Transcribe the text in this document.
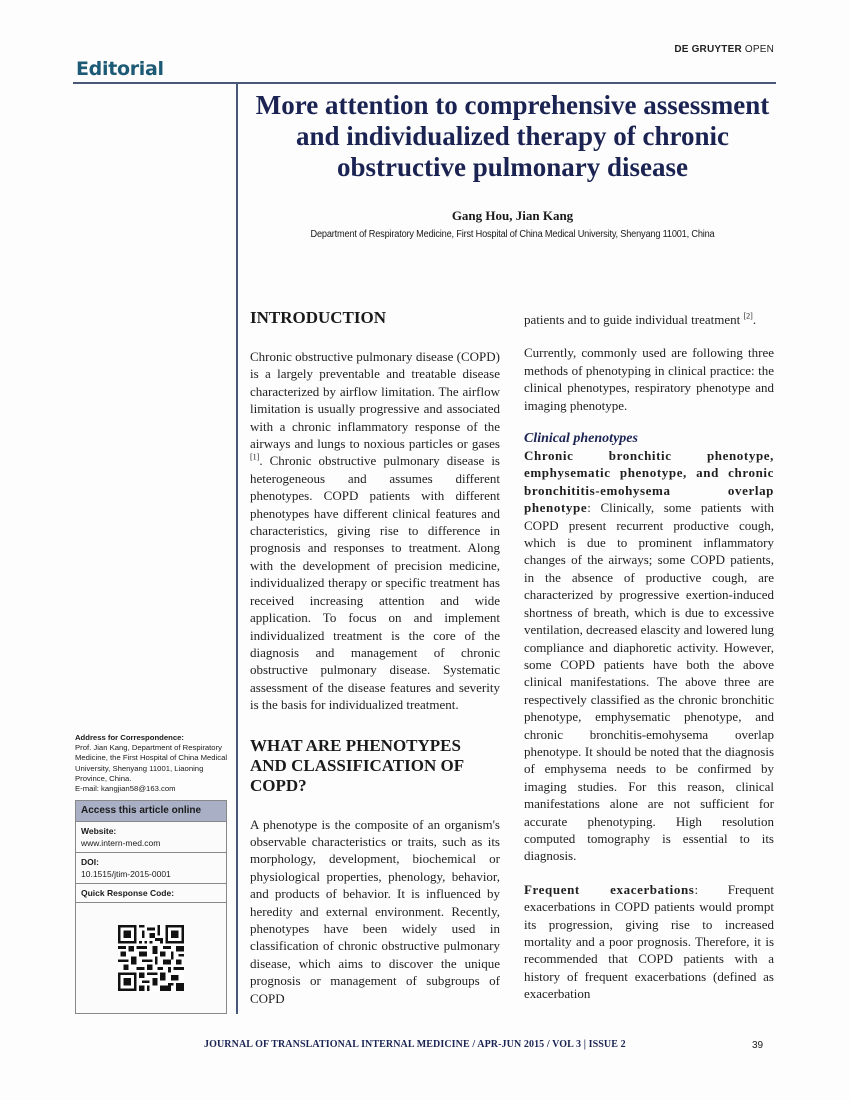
DE GRUYTER OPEN
Editorial
More attention to comprehensive assessment and individualized therapy of chronic obstructive pulmonary disease
Gang Hou, Jian Kang
Department of Respiratory Medicine, First Hospital of China Medical University, Shenyang 11001, China
Address for Correspondence:
Prof. Jian Kang, Department of Respiratory Medicine, the First Hospital of China Medical University, Shenyang 11001, Liaoning Province, China.
E-mail: kangjian58@163.com
Access this article online
Website:
www.intern-med.com
DOI:
10.1515/jtim-2015-0001
Quick Response Code:
INTRODUCTION

Chronic obstructive pulmonary disease (COPD) is a largely preventable and treatable disease characterized by airflow limitation. The airflow limitation is usually progressive and associated with a chronic inflammatory response of the airways and lungs to noxious particles or gases [1]. Chronic obstructive pulmonary disease is heterogeneous and assumes different phenotypes. COPD patients with different phenotypes have different clinical features and characteristics, giving rise to difference in prognosis and responses to treatment. Along with the development of precision medicine, individualized therapy or specific treatment has received increasing attention and wide application. To focus on and implement individualized treatment is the core of the diagnosis and management of chronic obstructive pulmonary disease. Systematic assessment of the disease features and severity is the basis for individualized treatment.

WHAT ARE PHENOTYPES AND CLASSIFICATION OF COPD?

A phenotype is the composite of an organism's observable characteristics or traits, such as its morphology, development, biochemical or physiological properties, phenology, behavior, and products of behavior. It is influenced by heredity and external environment. Recently, phenotypes have been widely used in classification of chronic obstructive pulmonary disease, which aims to discover the unique prognosis or management of subgroups of COPD

patients and to guide individual treatment [2].

Currently, commonly used are following three methods of phenotyping in clinical practice: the clinical phenotypes, respiratory phenotype and imaging phenotype.

Clinical phenotypes

Chronic bronchitic phenotype, emphysematic phenotype, and chronic bronchititis-emohysema overlap phenotype: Clinically, some patients with COPD present recurrent productive cough, which is due to prominent inflammatory changes of the airways; some COPD patients, in the absence of productive cough, are characterized by progressive exertion-induced shortness of breath, which is due to excessive ventilation, decreased elascity and lowered lung compliance and diaphoretic activity. However, some COPD patients have both the above clinical manifestations. The above three are respectively classified as the chronic bronchitic phenotype, emphysematic phenotype, and chronic bronchitis-emohysema overlap phenotype. It should be noted that the diagnosis of emphysema needs to be confirmed by imaging studies. For this reason, clinical manifestations alone are not sufficient for accurate phenotyping. High resolution computed tomography is essential to its diagnosis.

Frequent exacerbations: Frequent exacerbations in COPD patients would prompt its progression, giving rise to increased mortality and a poor prognosis. Therefore, it is recommended that COPD patients with a history of frequent exacerbations (defined as exacerbation

JOURNAL OF TRANSLATIONAL INTERNAL MEDICINE / APR-JUN 2015 / VOL 3 | ISSUE 2	39
